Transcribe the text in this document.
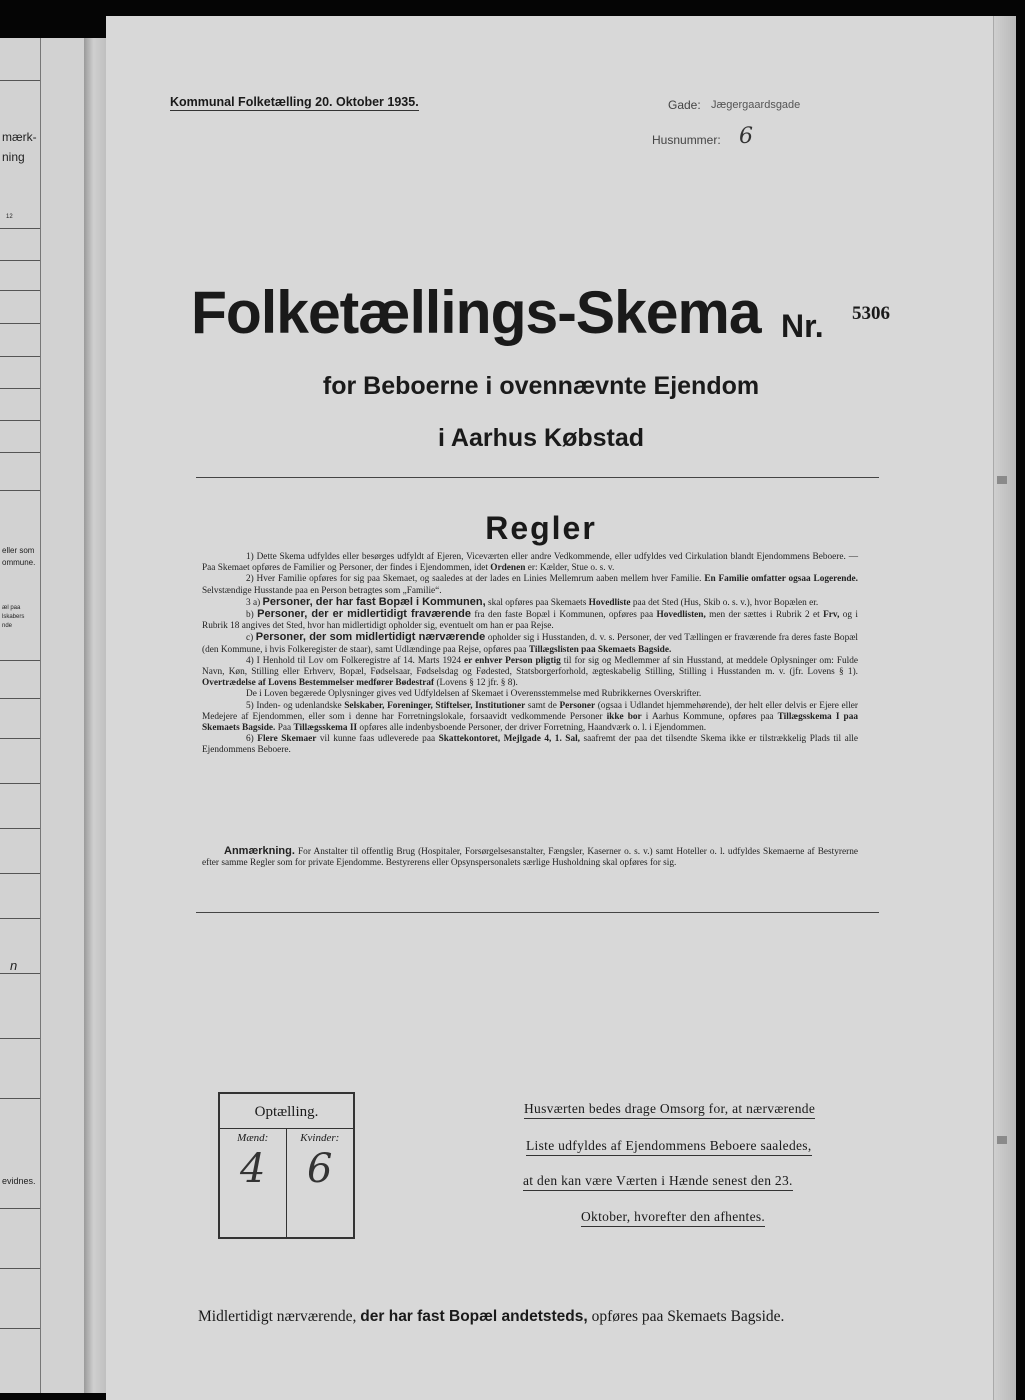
mærk-
ning
12
eller som
ommune.
æl paa
lskabers
nde
n
evidnes.
Kommunal Folketælling 20. Oktober 1935.	Gade: Jægergaardsgade
Husnummer: 6
Folketællings-Skema Nr. 5306
for Beboerne i ovennævnte Ejendom
i Aarhus Købstad
Regler

1) Dette Skema udfyldes eller besørges udfyldt af Ejeren, Viceværten eller andre Vedkommende, eller udfyldes ved Cirkulation blandt Ejendommens Beboere. — Paa Skemaet opføres de Familier og Personer, der findes i Ejendommen, idet Ordenen er: Kælder, Stue o. s. v.

2) Hver Familie opføres for sig paa Skemaet, og saaledes at der lades en Linies Mellemrum aaben mellem hver Familie. En Familie omfatter ogsaa Logerende. Selvstændige Husstande paa en Person betragtes som „Familie“.

3 a) Personer, der har fast Bopæl i Kommunen, skal opføres paa Skemaets Hovedliste paa det Sted (Hus, Skib o. s. v.), hvor Bopælen er.

b) Personer, der er midlertidigt fraværende fra den faste Bopæl i Kommunen, opføres paa Hovedlisten, men der sættes i Rubrik 2 et Frv, og i Rubrik 18 angives det Sted, hvor han midlertidigt opholder sig, eventuelt om han er paa Rejse.

c) Personer, der som midlertidigt nærværende opholder sig i Husstanden, d. v. s. Personer, der ved Tællingen er fraværende fra deres faste Bopæl (den Kommune, i hvis Folkeregister de staar), samt Udlændinge paa Rejse, opføres paa Tillægslisten paa Skemaets Bagside.

4) I Henhold til Lov om Folkeregistre af 14. Marts 1924 er enhver Person pligtig til for sig og Medlemmer af sin Husstand, at meddele Oplysninger om: Fulde Navn, Køn, Stilling eller Erhverv, Bopæl, Fødselsaar, Fødselsdag og Fødested, Statsborgerforhold, ægteskabelig Stilling, Stilling i Husstanden m. v. (jfr. Lovens § 1). Overtrædelse af Lovens Bestemmelser medfører Bødestraf (Lovens § 12 jfr. § 8).

De i Loven begærede Oplysninger gives ved Udfyldelsen af Skemaet i Overensstemmelse med Rubrikkernes Overskrifter.

5) Inden- og udenlandske Selskaber, Foreninger, Stiftelser, Institutioner samt de Personer (ogsaa i Udlandet hjemmehørende), der helt eller delvis er Ejere eller Medejere af Ejendommen, eller som i denne har Forretningslokale, forsaavidt vedkommende Personer ikke bor i Aarhus Kommune, opføres paa Tillægsskema I paa Skemaets Bagside. Paa Tillægsskema II opføres alle indenbysboende Personer, der driver Forretning, Haandværk o. l. i Ejendommen.

6) Flere Skemaer vil kunne faas udleverede paa Skattekontoret, Mejlgade 4, 1. Sal, saafremt der paa det tilsendte Skema ikke er tilstrækkelig Plads til alle Ejendommens Beboere.

Anmærkning. For Anstalter til offentlig Brug (Hospitaler, Forsørgelsesanstalter, Fængsler, Kaserner o. s. v.) samt Hoteller o. l. udfyldes Skemaerne af Bestyrerne efter samme Regler som for private Ejendomme. Bestyrerens eller Opsynspersonalets særlige Husholdning skal opføres for sig.

Optælling.
Mænd:
4
Kvinder:
6
Husværten bedes drage Omsorg for, at nærværende
Liste udfyldes af Ejendommens Beboere saaledes,
at den kan være Værten i Hænde senest den 23.
Oktober, hvorefter den afhentes.
Midlertidigt nærværende, der har fast Bopæl andetsteds, opføres paa Skemaets Bagside.
